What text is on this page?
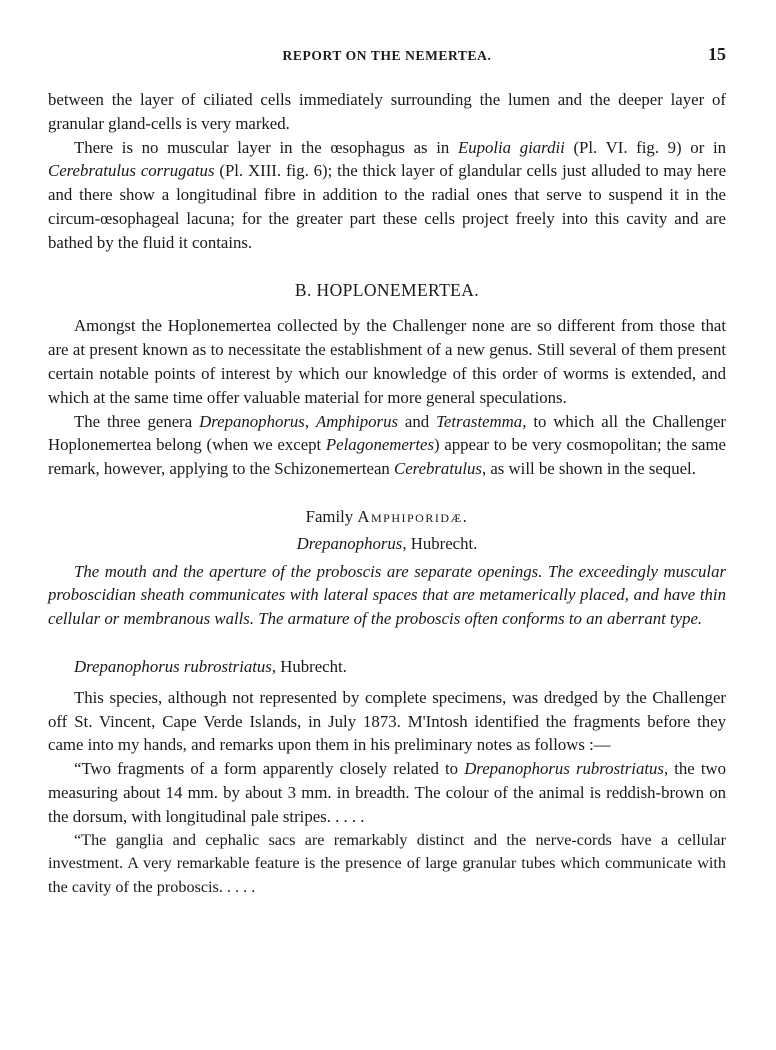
REPORT ON THE NEMERTEA.	15

between the layer of ciliated cells immediately surrounding the lumen and the deeper layer of granular gland-cells is very marked.

There is no muscular layer in the œsophagus as in Eupolia giardii (Pl. VI. fig. 9) or in Cerebratulus corrugatus (Pl. XIII. fig. 6); the thick layer of glandular cells just alluded to may here and there show a longitudinal fibre in addition to the radial ones that serve to suspend it in the circum-œsophageal lacuna; for the greater part these cells project freely into this cavity and are bathed by the fluid it contains.

B. HOPLONEMERTEA.

Amongst the Hoplonemertea collected by the Challenger none are so different from those that are at present known as to necessitate the establishment of a new genus. Still several of them present certain notable points of interest by which our knowledge of this order of worms is extended, and which at the same time offer valuable material for more general speculations.

The three genera Drepanophorus, Amphiporus and Tetrastemma, to which all the Challenger Hoplonemertea belong (when we except Pelagonemertes) appear to be very cosmopolitan; the same remark, however, applying to the Schizonemertean Cerebratulus, as will be shown in the sequel.

Family Amphiporidæ.

Drepanophorus, Hubrecht.

The mouth and the aperture of the proboscis are separate openings. The exceedingly muscular proboscidian sheath communicates with lateral spaces that are metamerically placed, and have thin cellular or membranous walls. The armature of the proboscis often conforms to an aberrant type.

Drepanophorus rubrostriatus, Hubrecht.

This species, although not represented by complete specimens, was dredged by the Challenger off St. Vincent, Cape Verde Islands, in July 1873. M'Intosh identified the fragments before they came into my hands, and remarks upon them in his preliminary notes as follows :—

“Two fragments of a form apparently closely related to Drepanophorus rubrostriatus, the two measuring about 14 mm. by about 3 mm. in breadth. The colour of the animal is reddish-brown on the dorsum, with longitudinal pale stripes. . . . .

“The ganglia and cephalic sacs are remarkably distinct and the nerve-cords have a cellular investment. A very remarkable feature is the presence of large granular tubes which communicate with the cavity of the proboscis. . . . .
